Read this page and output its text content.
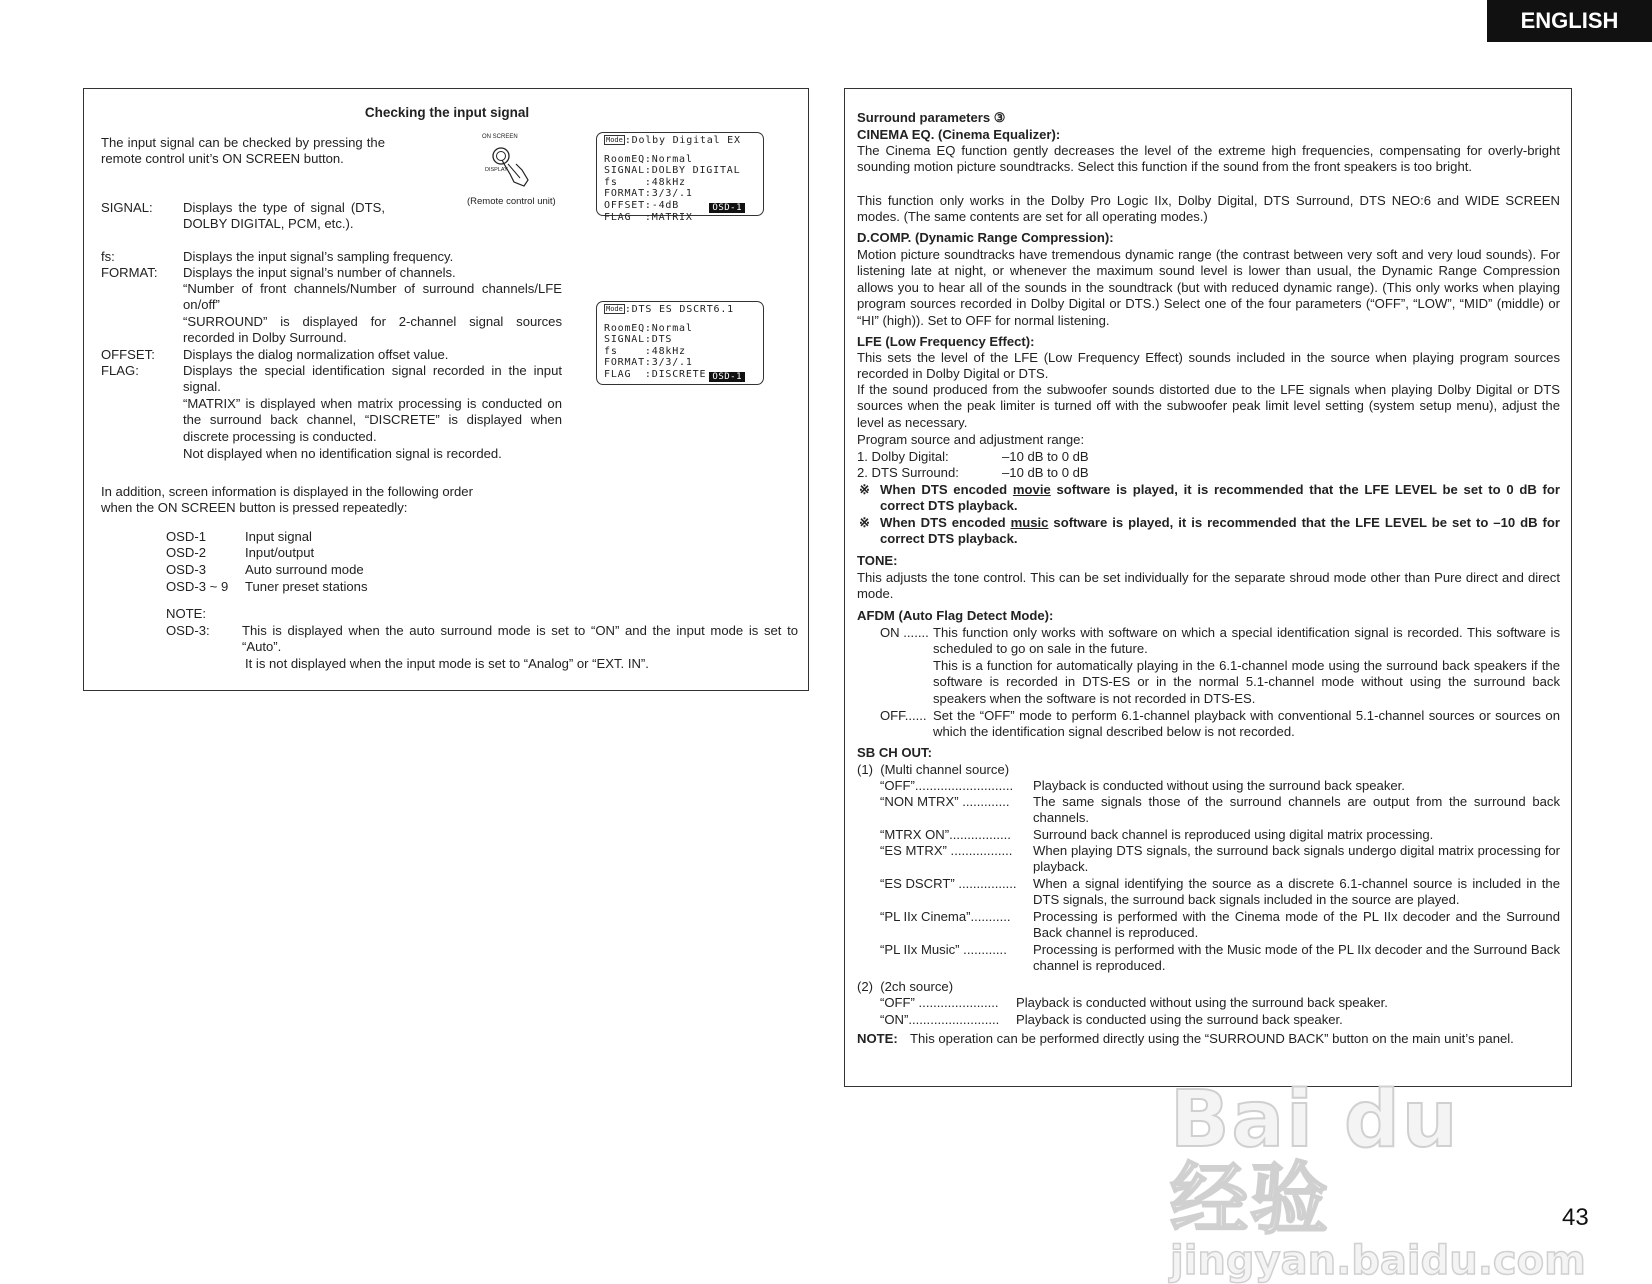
ENGLISH
Checking the input signal
The input signal can be checked by pressing the remote control unit’s ON SCREEN button.
ON SCREEN
DISPLAY
(Remote control unit)
Mode :Dolby Digital EX
RoomEQ:Normal
SIGNAL:DOLBY DIGITAL
fs    :48kHz
FORMAT:3/3/.1
OFFSET:-4dB
FLAG  :MATRIX
OSD-1
Mode :DTS ES DSCRT6.1
RoomEQ:Normal
SIGNAL:DTS
fs    :48kHz
FORMAT:3/3/.1
FLAG  :DISCRETE OSD-1
SIGNAL: Displays the type of signal (DTS, DOLBY DIGITAL, PCM, etc.).
fs:	Displays the input signal’s sampling frequency.
FORMAT: Displays the input signal’s number of channels.
“Number of front channels/Number of surround channels/LFE on/off”
“SURROUND” is displayed for 2-channel signal sources recorded in Dolby Surround.
OFFSET: Displays the dialog normalization offset value.
FLAG:	Displays the special identification signal recorded in the input signal.
“MATRIX” is displayed when matrix processing is conducted on the surround back channel, “DISCRETE” is displayed when discrete processing is conducted.
Not displayed when no identification signal is recorded.
In addition, screen information is displayed in the following order when the ON SCREEN button is pressed repeatedly:
OSD-1	Input signal
OSD-2	Input/output
OSD-3	Auto surround mode
OSD-3 ~ 9 Tuner preset stations
NOTE:
OSD-3: This is displayed when the auto surround mode is set to “ON” and the input mode is set to “Auto”.
It is not displayed when the input mode is set to “Analog” or “EXT. IN”.
Surround parameters ③
CINEMA EQ. (Cinema Equalizer):
The Cinema EQ function gently decreases the level of the extreme high frequencies, compensating for overly-bright sounding motion picture soundtracks. Select this function if the sound from the front speakers is too bright.
This function only works in the Dolby Pro Logic IIx, Dolby Digital, DTS Surround, DTS NEO:6 and WIDE SCREEN modes. (The same contents are set for all operating modes.)
D.COMP. (Dynamic Range Compression):
Motion picture soundtracks have tremendous dynamic range (the contrast between very soft and very loud sounds). For listening late at night, or whenever the maximum sound level is lower than usual, the Dynamic Range Compression allows you to hear all of the sounds in the soundtrack (but with reduced dynamic range). (This only works when playing program sources recorded in Dolby Digital or DTS.) Select one of the four parameters (“OFF”, “LOW”, “MID” (middle) or “HI” (high)). Set to OFF for normal listening.
LFE (Low Frequency Effect):
This sets the level of the LFE (Low Frequency Effect) sounds included in the source when playing program sources recorded in Dolby Digital or DTS.
If the sound produced from the subwoofer sounds distorted due to the LFE signals when playing Dolby Digital or DTS sources when the peak limiter is turned off with the subwoofer peak limit level setting (system setup menu), adjust the level as necessary.
Program source and adjustment range:
1. Dolby Digital:	–10 dB to 0 dB
2. DTS Surround:	–10 dB to 0 dB
※ When DTS encoded movie software is played, it is recommended that the LFE LEVEL be set to 0 dB for correct DTS playback.
※ When DTS encoded music software is played, it is recommended that the LFE LEVEL be set to –10 dB for correct DTS playback.
TONE:
This adjusts the tone control. This can be set individually for the separate shroud mode other than Pure direct and direct mode.
AFDM (Auto Flag Detect Mode):
ON ....... This function only works with software on which a special identification signal is recorded. This software is scheduled to go on sale in the future.
This is a function for automatically playing in the 6.1-channel mode using the surround back speakers if the software is recorded in DTS-ES or in the normal 5.1-channel mode without using the surround back speakers when the software is not recorded in DTS-ES.
OFF...... Set the “OFF” mode to perform 6.1-channel playback with conventional 5.1-channel sources or sources on which the identification signal described below is not recorded.
SB CH OUT:
(1)  (Multi channel source)
“OFF”........................... Playback is conducted without using the surround back speaker.
“NON MTRX” ............. The same signals those of the surround channels are output from the surround back channels.
“MTRX ON”................. Surround back channel is reproduced using digital matrix processing.
“ES MTRX” ................. When playing DTS signals, the surround back signals undergo digital matrix processing for playback.
“ES DSCRT” ................ When a signal identifying the source as a discrete 6.1-channel source is included in the DTS signals, the surround back signals included in the source are played.
“PL IIx Cinema”........... Processing is performed with the Cinema mode of the PL IIx decoder and the Surround Back channel is reproduced.
“PL IIx Music” ............ Processing is performed with the Music mode of the PL IIx decoder and the Surround Back channel is reproduced.
(2)  (2ch source)
“OFF” ...................... Playback is conducted without using the surround back speaker.
“ON”......................... Playback is conducted using the surround back speaker.
NOTE: This operation can be performed directly using the “SURROUND BACK” button on the main unit’s panel.
Bai du 经验
jingyan.baidu.com
43
